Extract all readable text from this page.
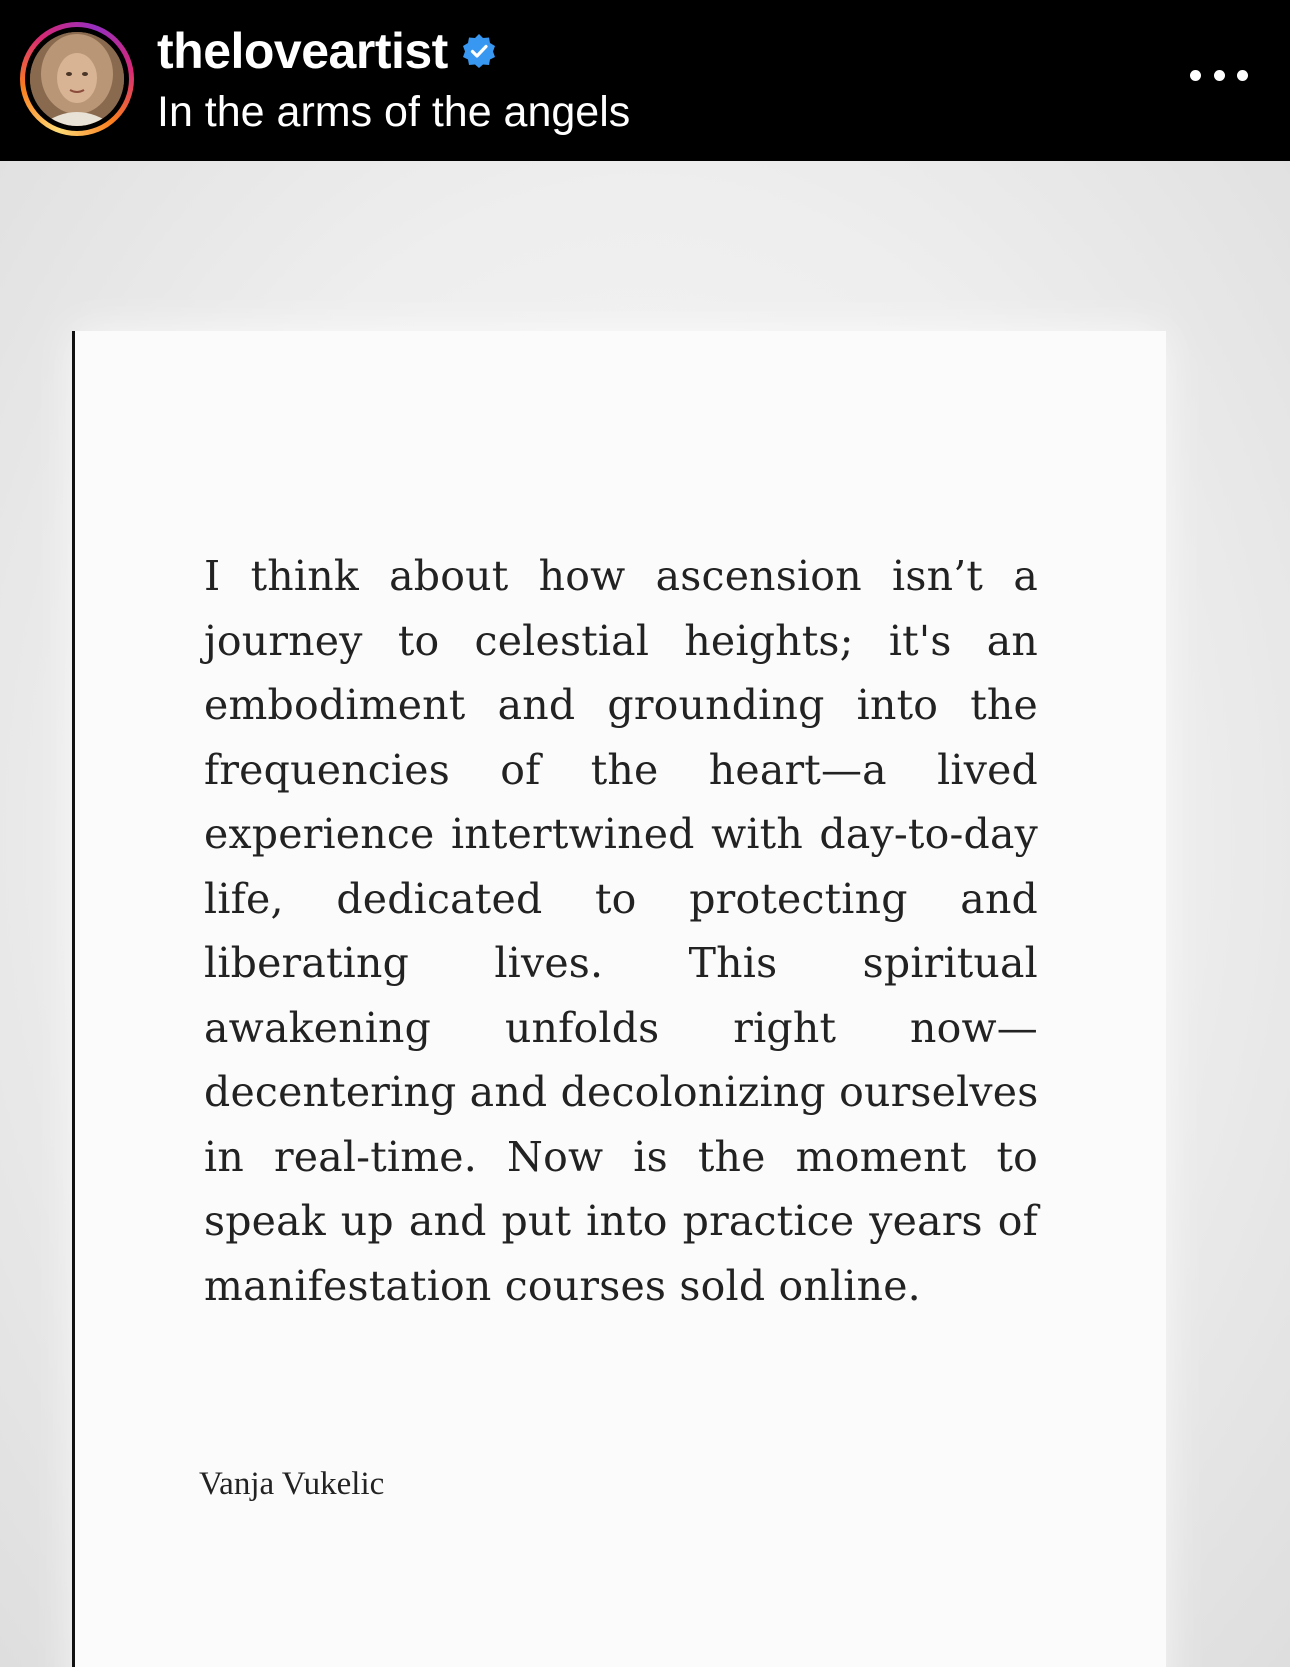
theloveartist
In the arms of the angels
I think about how ascension isn’t a
journey to celestial heights; it's an
embodiment and grounding into the
frequencies of the heart—a lived
experience intertwined with day-to-day
life, dedicated to protecting and
liberating lives. This spiritual
awakening unfolds right now—
decentering and decolonizing ourselves
in real-time. Now is the moment to
speak up and put into practice years of
manifestation courses sold online.
Vanja Vukelic
